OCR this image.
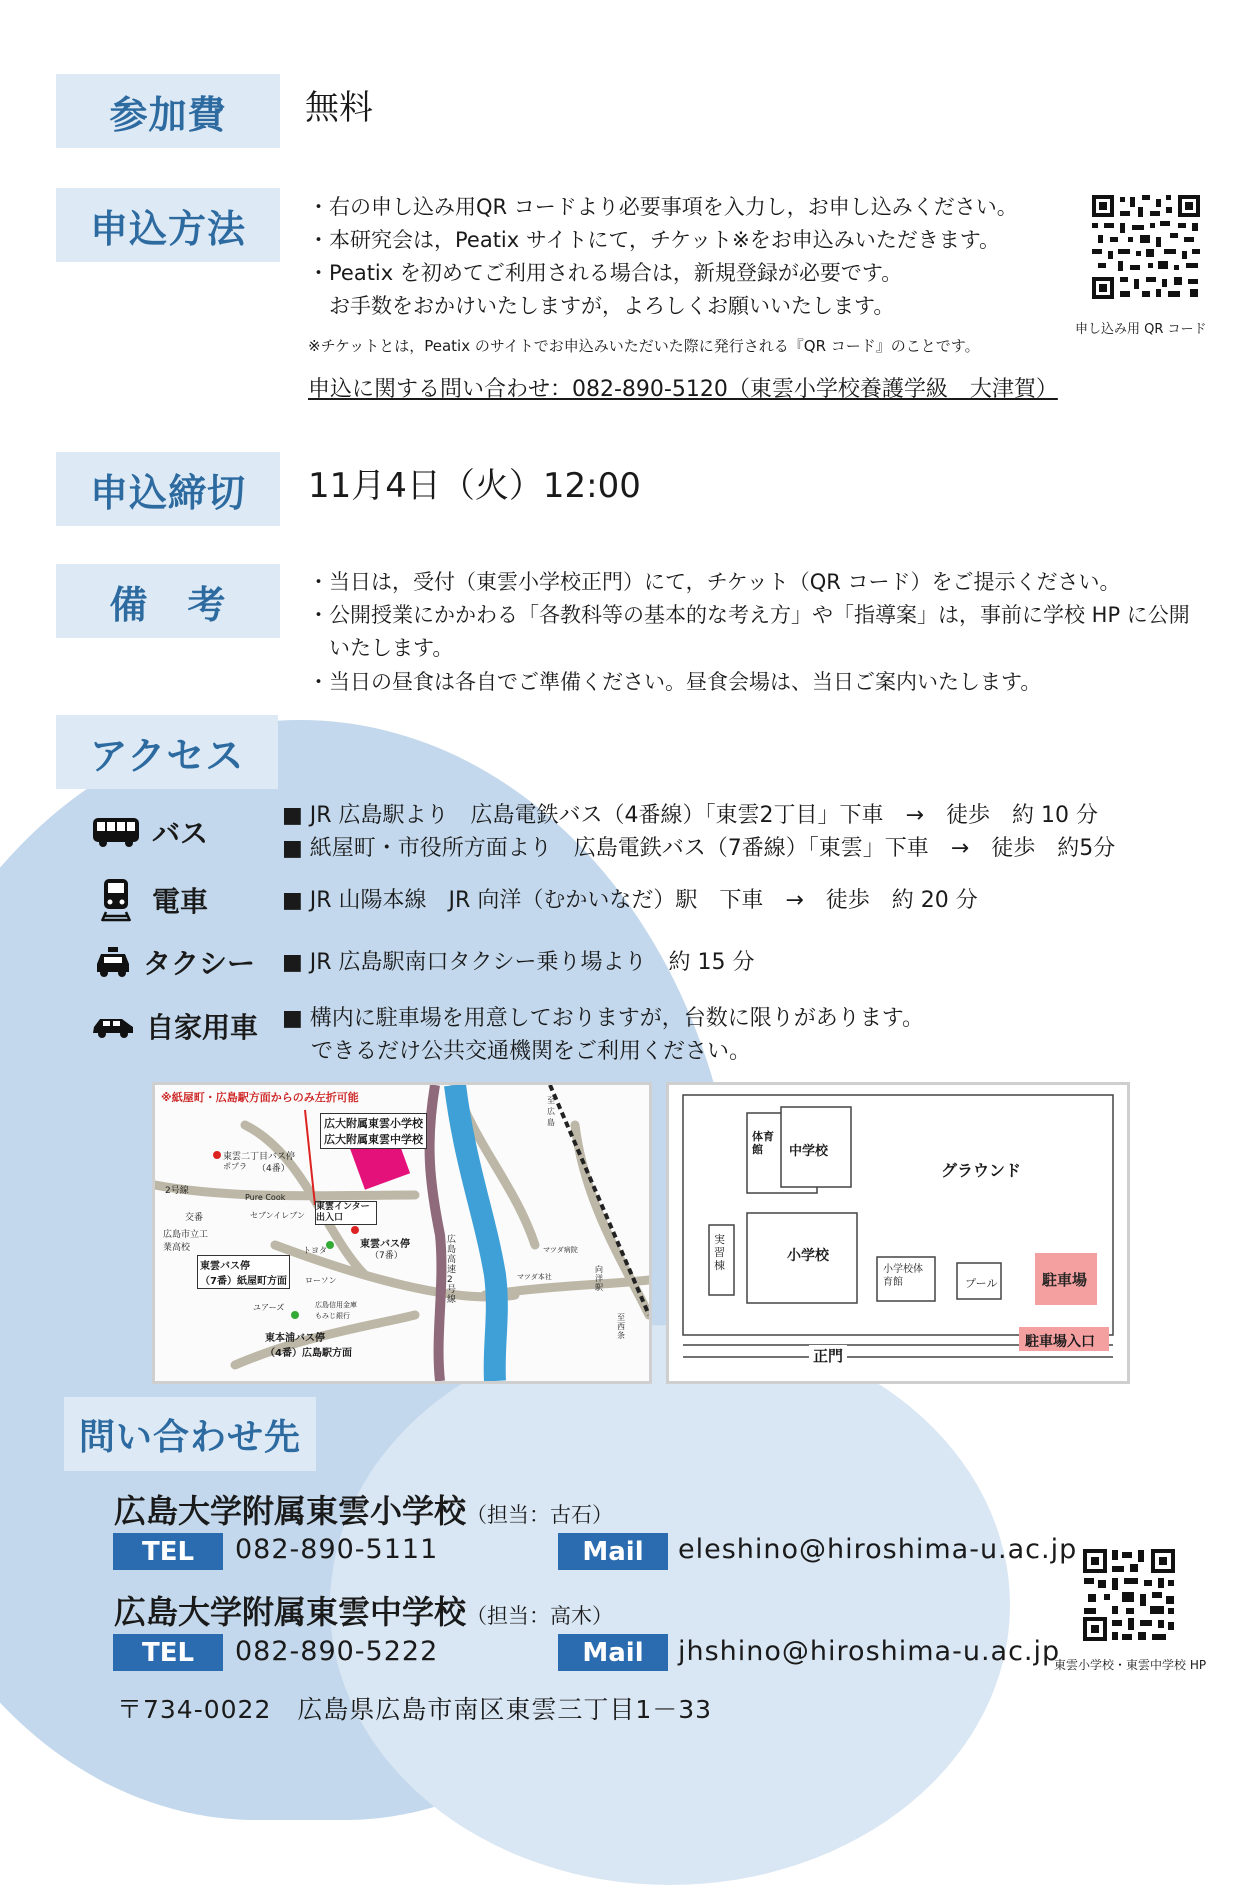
参加費	無料
申込方法	・右の申し込み用QR コードより必要事項を入力し，お申し込みください。
・本研究会は，Peatix サイトにて，チケット※をお申込みいただきます。
・Peatix を初めてご利用される場合は，新規登録が必要です。
　お手数をおかけいたしますが，よろしくお願いいたします。
※チケットとは，Peatix のサイトでお申込みいただいた際に発行される『QR コード』のことです。
申込に関する問い合わせ：082-890-5120（東雲小学校養護学級　大津賀）
申し込み用 QR コード
申込締切	11月4日（火）12:00
備　考
・当日は，受付（東雲小学校正門）にて，チケット（QR コード）をご提示ください。
・公開授業にかかわる「各教科等の基本的な考え方」や「指導案」は，事前に学校 HP に公開
　いたします。
・当日の昼食は各自でご準備ください。昼食会場は、当日ご案内いたします。
アクセス
バス
■ JR 広島駅より　広島電鉄バス（4番線）「東雲2丁目」下車　→　徒歩　約 10 分
■ 紙屋町・市役所方面より　広島電鉄バス（7番線）「東雲」下車　→　徒歩　約5分
電車	■ JR 山陽本線　JR 向洋（むかいなだ）駅　下車　→　徒歩　約 20 分
タクシー ■ JR 広島駅南口タクシー乗り場より　約 15 分
自家用車 ■ 構内に駐車場を用意しておりますが，台数に限りがあります。
　 できるだけ公共交通機関をご利用ください。
※紙屋町・広島駅方面からのみ左折可能
広大附属東雲小学校
広大附属東雲中学校
東雲二丁目バス停
（4番）
ポプラ
2号線
Pure Cook
セブンイレブン
東雲インター出入口
交番
広島市立工業高校	トヨタ
東雲バス停
（7番）
ローソン
東雲バス停
（7番）紙屋町方面
ユアーズ	広島信用金庫
もみじ銀行
東本浦バス停
（4番）広島駅方面
広島高速2号線
マツダ病院
マツダ本社
至広島
向洋駅
至西条
体育館	中学校
グラウンド
実習棟
小学校
小学校体育館	プール	駐車場
正門
駐車場入口
問い合わせ先
広島大学附属東雲小学校（担当：古石）
TEL	082-890-5111	Mail	eleshino@hiroshima-u.ac.jp
広島大学附属東雲中学校（担当：高木）
TEL	082-890-5222	Mail	jhshino@hiroshima-u.ac.jp
〒734-0022　広島県広島市南区東雲三丁目1－33
東雲小学校・東雲中学校 HP
